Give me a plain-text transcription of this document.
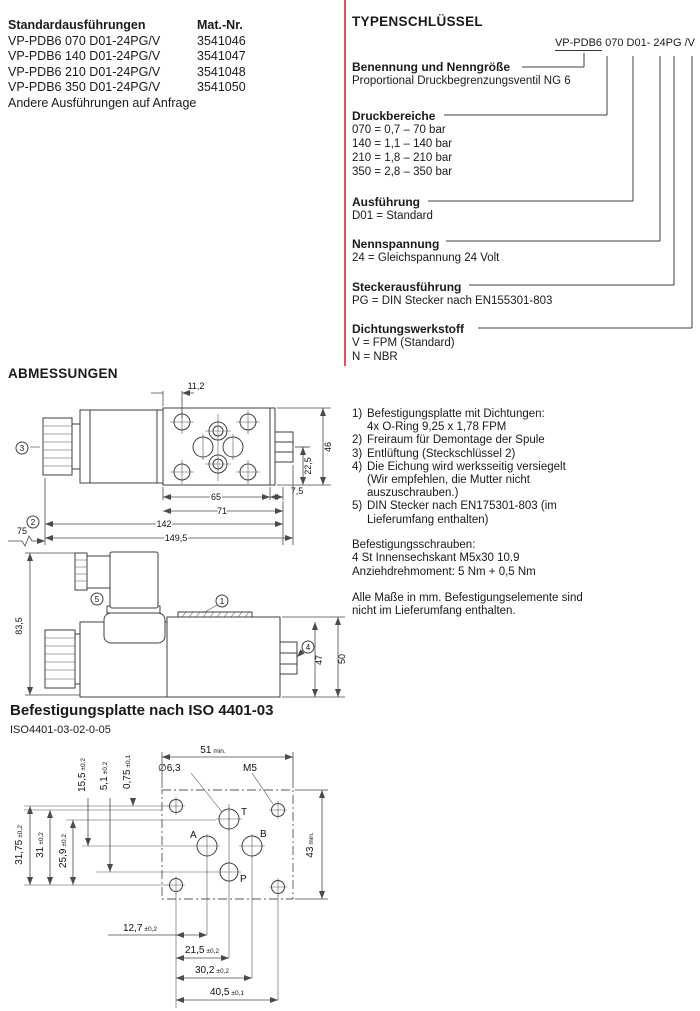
Standardausführungen	Mat.-Nr.
VP-PDB6 070 D01-24PG/V	3541046
VP-PDB6 140 D01-24PG/V	3541047
VP-PDB6 210 D01-24PG/V	3541048
VP-PDB6 350 D01-24PG/V	3541050
Andere Ausführungen auf Anfrage
TYPENSCHLÜSSEL
VP-PDB6 070 D01- 24PG /V
Benennung und Nenngröße
Proportional Druckbegrenzungsventil NG 6
Druckbereiche
070 = 0,7 – 70 bar
140 = 1,1 – 140 bar
210 = 1,8 – 210 bar
350 = 2,8 – 350 bar
Ausführung
D01 = Standard
Nennspannung
24 = Gleichspannung 24 Volt
Steckerausführung
PG = DIN Stecker nach EN155301-803
Dichtungswerkstoff
V = FPM (Standard)
N = NBR
ABMESSUNGEN
3
11,2
46
22,5
65
7,5
71
142
2
149,5
75
5	1
4
83,5
47 50
1) Befestigungsplatte mit Dichtungen:
4x O-Ring 9,25 x 1,78 FPM
2) Freiraum für Demontage der Spule
3) Entlüftung (Steckschlüssel 2)
4) Die Eichung wird werksseitig versiegelt
(Wir empfehlen, die Mutter nicht
auszuschrauben.)
5) DIN Stecker nach EN175301-803 (im
Lieferumfang enthalten)
Befestigungsschrauben:
4 St Innensechskant M5x30 10.9
Anziehdrehmoment: 5 Nm + 0,5 Nm
Alle Maße in mm. Befestigungselemente sind
nicht im Lieferumfang enthalten.
Befestigungsplatte nach ISO 4401-03
ISO4401-03-02-0-05
T
A	B
P
∅6,3	M5
51 min.
43min.
31,75±0,2
31±0,2
25,9±0,2
15,5±0,2
5,1±0,2
0,75±0,1
12,7 ±0,2
21,5 ±0,2
30,2 ±0,2
40,5 ±0,1
